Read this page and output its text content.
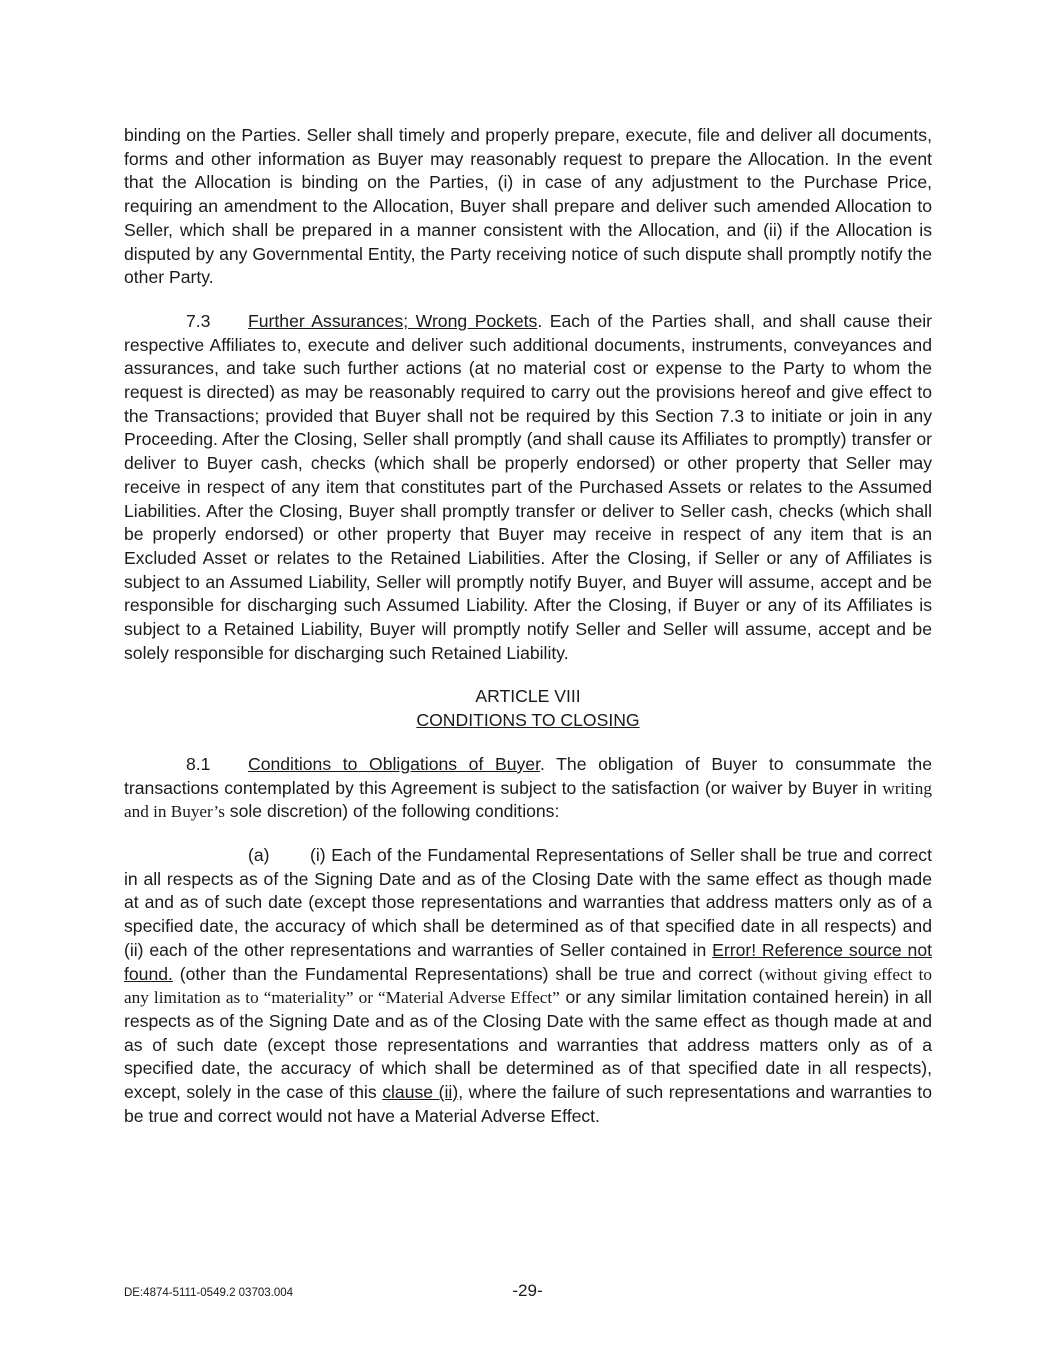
binding on the Parties. Seller shall timely and properly prepare, execute, file and deliver all documents, forms and other information as Buyer may reasonably request to prepare the Allocation. In the event that the Allocation is binding on the Parties, (i) in case of any adjustment to the Purchase Price, requiring an amendment to the Allocation, Buyer shall prepare and deliver such amended Allocation to Seller, which shall be prepared in a manner consistent with the Allocation, and (ii) if the Allocation is disputed by any Governmental Entity, the Party receiving notice of such dispute shall promptly notify the other Party.

7.3 Further Assurances; Wrong Pockets. Each of the Parties shall, and shall cause their respective Affiliates to, execute and deliver such additional documents, instruments, conveyances and assurances, and take such further actions (at no material cost or expense to the Party to whom the request is directed) as may be reasonably required to carry out the provisions hereof and give effect to the Transactions; provided that Buyer shall not be required by this Section 7.3 to initiate or join in any Proceeding. After the Closing, Seller shall promptly (and shall cause its Affiliates to promptly) transfer or deliver to Buyer cash, checks (which shall be properly endorsed) or other property that Seller may receive in respect of any item that constitutes part of the Purchased Assets or relates to the Assumed Liabilities. After the Closing, Buyer shall promptly transfer or deliver to Seller cash, checks (which shall be properly endorsed) or other property that Buyer may receive in respect of any item that is an Excluded Asset or relates to the Retained Liabilities. After the Closing, if Seller or any of Affiliates is subject to an Assumed Liability, Seller will promptly notify Buyer, and Buyer will assume, accept and be responsible for discharging such Assumed Liability. After the Closing, if Buyer or any of its Affiliates is subject to a Retained Liability, Buyer will promptly notify Seller and Seller will assume, accept and be solely responsible for discharging such Retained Liability.

ARTICLE VIII

CONDITIONS TO CLOSING

8.1 Conditions to Obligations of Buyer. The obligation of Buyer to consummate the transactions contemplated by this Agreement is subject to the satisfaction (or waiver by Buyer in writing and in Buyer’s sole discretion) of the following conditions:

(a) (i) Each of the Fundamental Representations of Seller shall be true and correct in all respects as of the Signing Date and as of the Closing Date with the same effect as though made at and as of such date (except those representations and warranties that address matters only as of a specified date, the accuracy of which shall be determined as of that specified date in all respects) and (ii) each of the other representations and warranties of Seller contained in Error! Reference source not found. (other than the Fundamental Representations) shall be true and correct (without giving effect to any limitation as to “materiality” or “Material Adverse Effect” or any similar limitation contained herein) in all respects as of the Signing Date and as of the Closing Date with the same effect as though made at and as of such date (except those representations and warranties that address matters only as of a specified date, the accuracy of which shall be determined as of that specified date in all respects), except, solely in the case of this clause (ii), where the failure of such representations and warranties to be true and correct would not have a Material Adverse Effect.

DE:4874-5111-0549.2 03703.004	-29-
